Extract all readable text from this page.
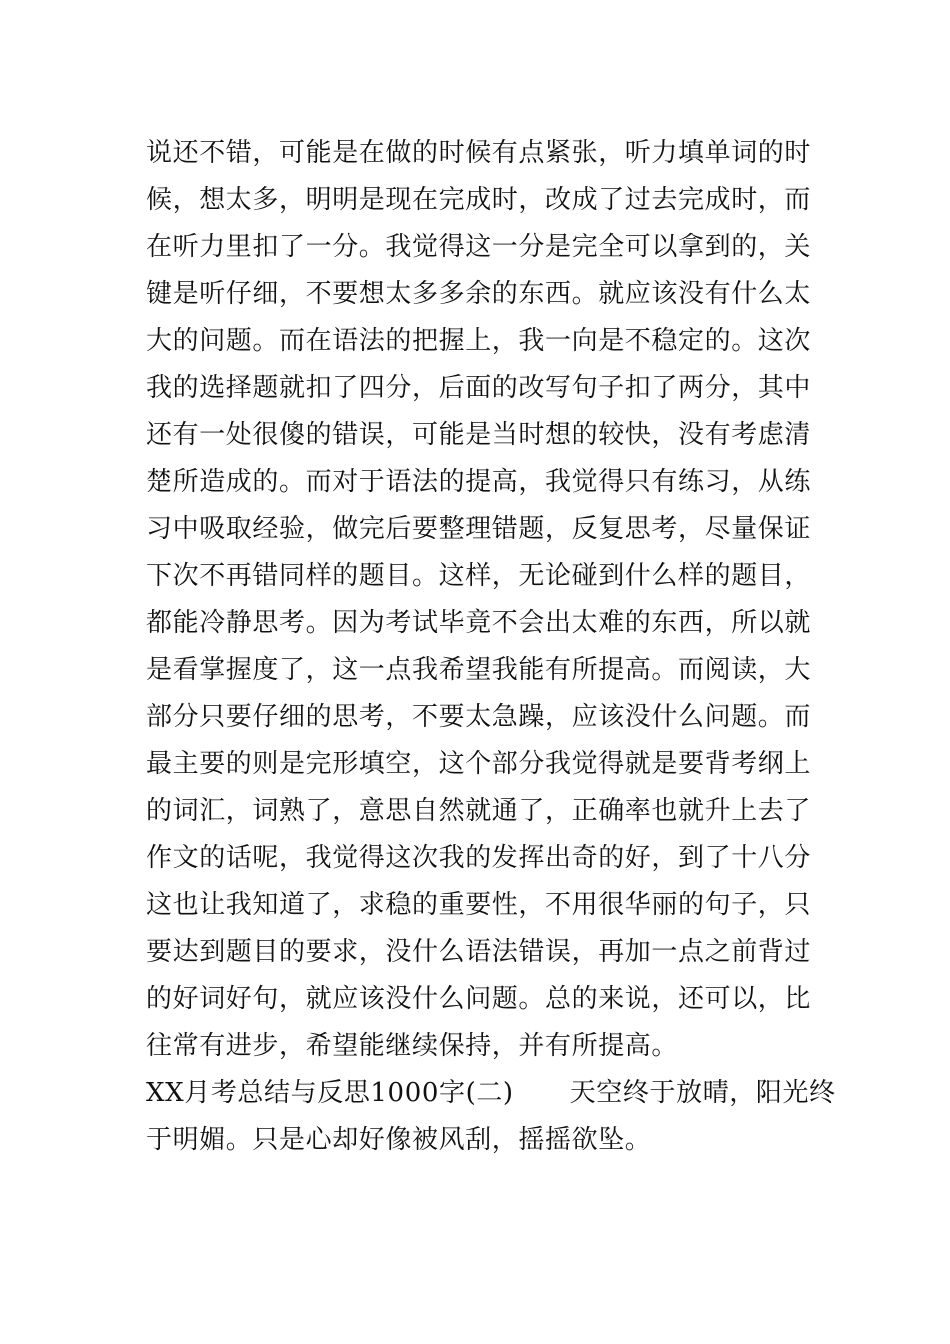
说还不错，可能是在做的时候有点紧张，听力填单词的时
候，想太多，明明是现在完成时，改成了过去完成时，而
在听力里扣了一分。我觉得这一分是完全可以拿到的，关
键是听仔细，不要想太多多余的东西。就应该没有什么太
大的问题。而在语法的把握上，我一向是不稳定的。这次
我的选择题就扣了四分，后面的改写句子扣了两分，其中
还有一处很傻的错误，可能是当时想的较快，没有考虑清
楚所造成的。而对于语法的提高，我觉得只有练习，从练
习中吸取经验，做完后要整理错题，反复思考，尽量保证
下次不再错同样的题目。这样，无论碰到什么样的题目，
都能冷静思考。因为考试毕竟不会出太难的东西，所以就
是看掌握度了，这一点我希望我能有所提高。而阅读，大
部分只要仔细的思考，不要太急躁，应该没什么问题。而
最主要的则是完形填空，这个部分我觉得就是要背考纲上
的词汇，词熟了，意思自然就通了，正确率也就升上去了
作文的话呢，我觉得这次我的发挥出奇的好，到了十八分
这也让我知道了，求稳的重要性，不用很华丽的句子，只
要达到题目的要求，没什么语法错误，再加一点之前背过
的好词好句，就应该没什么问题。总的来说，还可以，比
往常有进步，希望能继续保持，并有所提高。
XX月考总结与反思1000字(二) 天空终于放晴，阳光终
于明媚。只是心却好像被风刮，摇摇欲坠。
